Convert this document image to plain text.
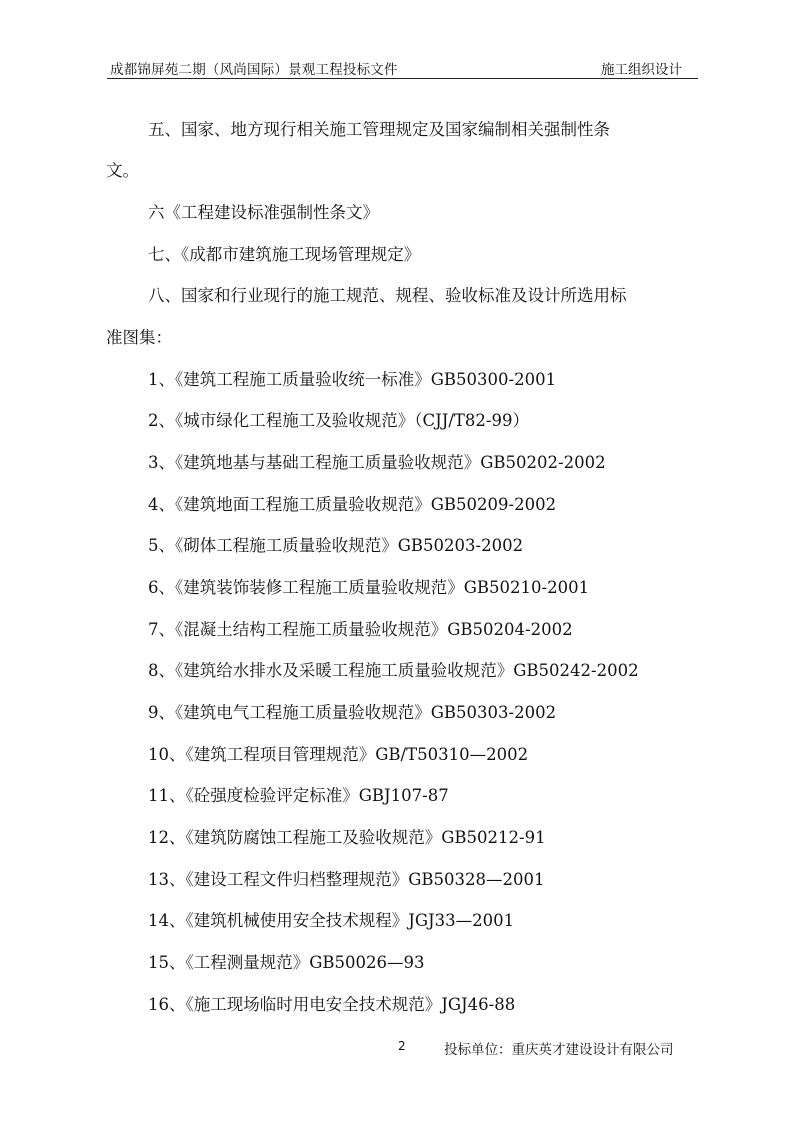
成都锦屏苑二期（风尚国际）景观工程投标文件	施工组织设计
五、国家、地方现行相关施工管理规定及国家编制相关强制性条
文。
六《工程建设标准强制性条文》
七、《成都市建筑施工现场管理规定》
八、国家和行业现行的施工规范、规程、验收标准及设计所选用标
准图集：
1、《建筑工程施工质量验收统一标准》GB50300-2001
2、《城市绿化工程施工及验收规范》（CJJ/T82-99）
3、《建筑地基与基础工程施工质量验收规范》GB50202-2002
4、《建筑地面工程施工质量验收规范》GB50209-2002
5、《砌体工程施工质量验收规范》GB50203-2002
6、《建筑装饰装修工程施工质量验收规范》GB50210-2001
7、《混凝土结构工程施工质量验收规范》GB50204-2002
8、《建筑给水排水及采暖工程施工质量验收规范》GB50242-2002
9、《建筑电气工程施工质量验收规范》GB50303-2002
10、《建筑工程项目管理规范》GB/T50310—2002
11、《砼强度检验评定标准》GBJ107-87
12、《建筑防腐蚀工程施工及验收规范》GB50212-91
13、《建设工程文件归档整理规范》GB50328—2001
14、《建筑机械使用安全技术规程》JGJ33—2001
15、《工程测量规范》GB50026—93
16、《施工现场临时用电安全技术规范》JGJ46-88
2	投标单位：重庆英才建设设计有限公司
